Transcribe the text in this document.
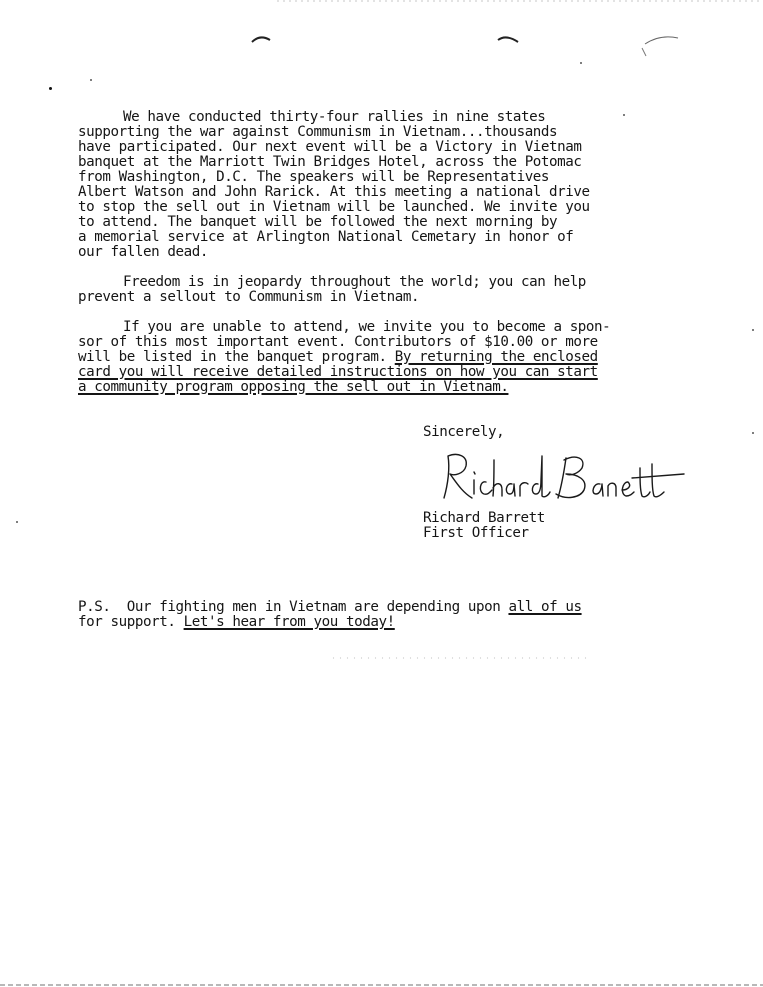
We have conducted thirty-four rallies in nine states
supporting the war against Communism in Vietnam...thousands
have participated. Our next event will be a Victory in Vietnam
banquet at the Marriott Twin Bridges Hotel, across the Potomac
from Washington, D.C. The speakers will be Representatives
Albert Watson and John Rarick. At this meeting a national drive
to stop the sell out in Vietnam will be launched. We invite you
to attend. The banquet will be followed the next morning by
a memorial service at Arlington National Cemetary in honor of
our fallen dead.
Freedom is in jeopardy throughout the world; you can help
prevent a sellout to Communism in Vietnam.
If you are unable to attend, we invite you to become a spon-
sor of this most important event. Contributors of $10.00 or more
will be listed in the banquet program. By returning the enclosed
card you will receive detailed instructions on how you can start
a community program opposing the sell out in Vietnam.
Sincerely,
Richard Barrett
First Officer
P.S. Our fighting men in Vietnam are depending upon all of us
for support. Let's hear from you today!
